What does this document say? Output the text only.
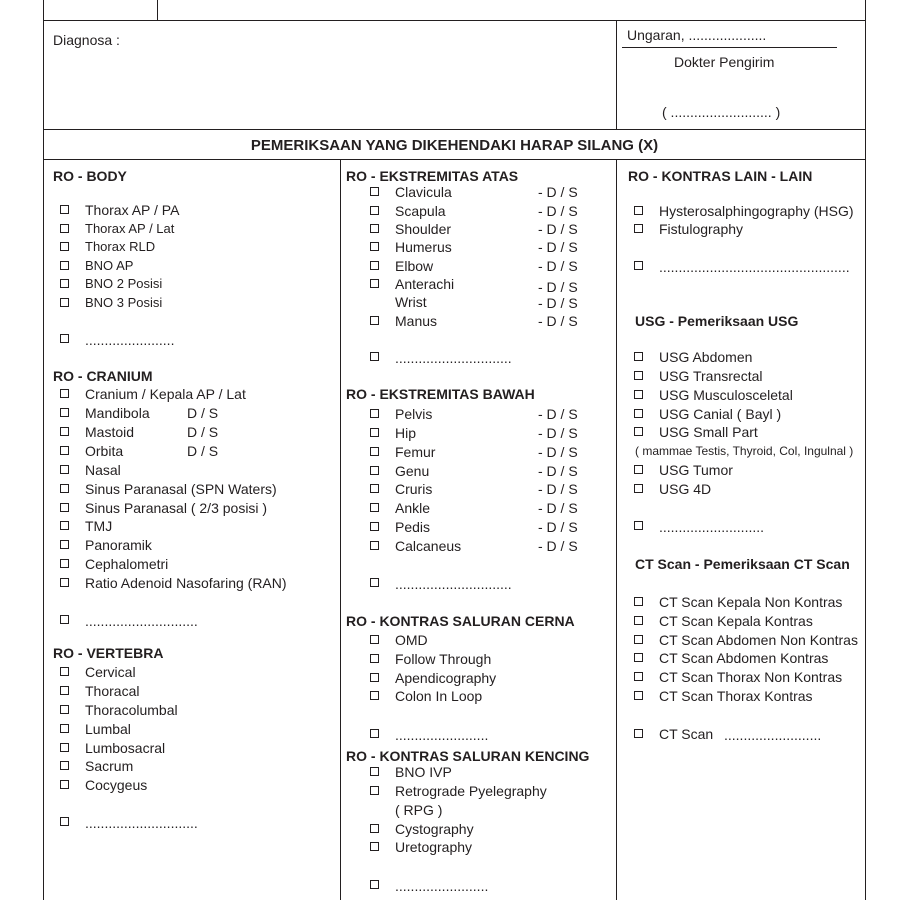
Diagnosa :	Ungaran, ....................
Dokter Pengirim
( .......................... )
PEMERIKSAAN YANG DIKEHENDAKI HARAP SILANG (X)
RO - BODY
Thorax AP / PA
Thorax AP / Lat
Thorax RLD
BNO AP
BNO 2 Posisi
BNO 3 Posisi
.......................
RO - CRANIUM
Cranium / Kepala AP / Lat
Mandibola	D / S
Mastoid	D / S
Orbita	D / S
Nasal
Sinus Paranasal (SPN Waters)
Sinus Paranasal ( 2/3 posisi )
TMJ
Panoramik
Cephalometri
Ratio Adenoid Nasofaring (RAN)
.............................
RO - VERTEBRA
Cervical
Thoracal
Thoracolumbal
Lumbal
Lumbosacral
Sacrum
Cocygeus
.............................
RO - EKSTREMITAS ATAS
Clavicula	- D / S
Scapula	- D / S
Shoulder	- D / S
Humerus	- D / S
Elbow	- D / S
Anterachi	- D / S
Wrist	- D / S
Manus	- D / S
..............................
RO - EKSTREMITAS BAWAH
Pelvis	- D / S
Hip	- D / S
Femur	- D / S
Genu	- D / S
Cruris	- D / S
Ankle	- D / S
Pedis	- D / S
Calcaneus	- D / S
..............................
RO - KONTRAS SALURAN CERNA
OMD
Follow Through
Apendicography
Colon In Loop
........................
RO - KONTRAS SALURAN KENCING
BNO IVP
Retrograde Pyelegraphy
( RPG )
Cystography
Uretography
........................
RO - KONTRAS LAIN - LAIN
Hysterosalphingography (HSG)
Fistulography
.................................................
USG - Pemeriksaan USG
USG Abdomen
USG Transrectal
USG Musculosceletal
USG Canial ( Bayl )
USG Small Part
( mammae Testis, Thyroid, Col, Ingulnal )
USG Tumor
USG 4D
...........................
CT Scan - Pemeriksaan CT Scan
CT Scan Kepala Non Kontras
CT Scan Kepala Kontras
CT Scan Abdomen Non Kontras
CT Scan Abdomen Kontras
CT Scan Thorax Non Kontras
CT Scan Thorax Kontras
CT Scan .........................
